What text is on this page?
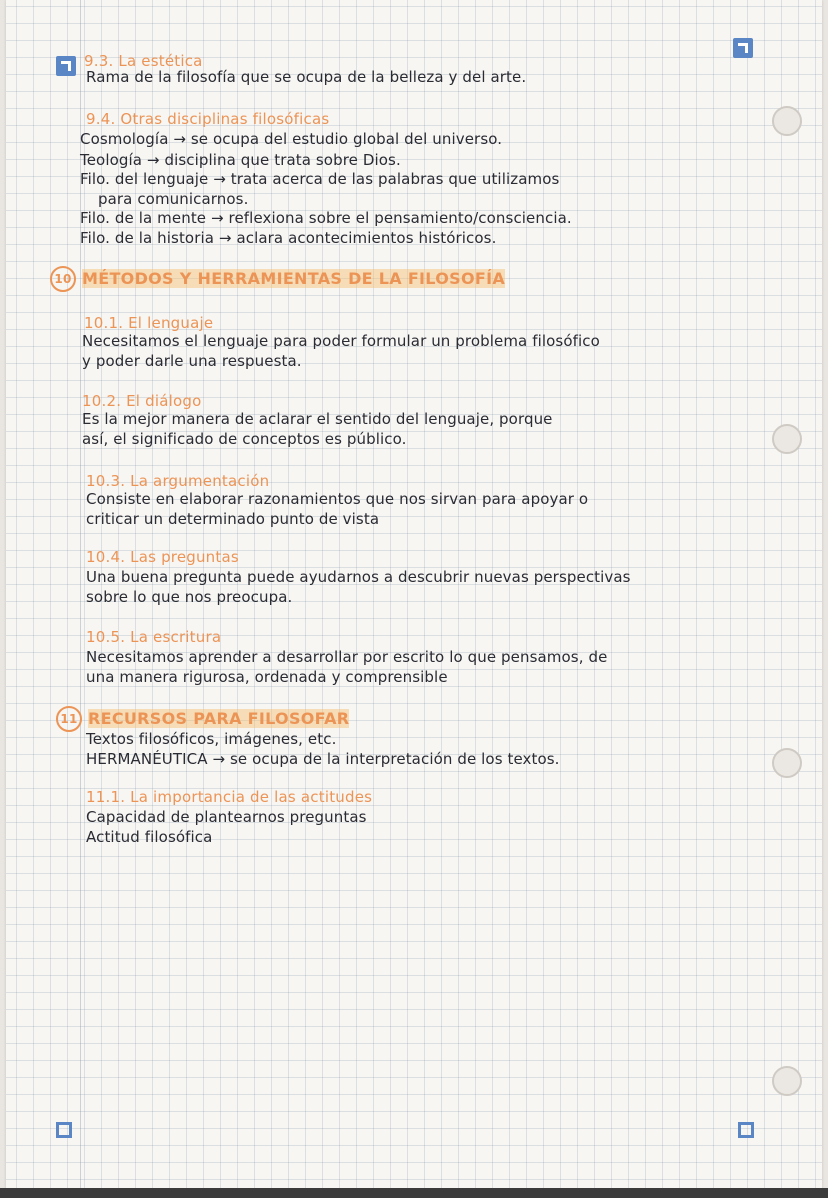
9.3. La estética
Rama de la filosofía que se ocupa de la belleza y del arte.
9.4. Otras disciplinas filosóficas
Cosmología → se ocupa del estudio global del universo.
Teología → disciplina que trata sobre Dios.
Filo. del lenguaje → trata acerca de las palabras que utilizamos
para comunicarnos.
Filo. de la mente → reflexiona sobre el pensamiento/consciencia.
Filo. de la historia → aclara acontecimientos históricos.
10 MÉTODOS Y HERRAMIENTAS DE LA FILOSOFÍA
10.1. El lenguaje
Necesitamos el lenguaje para poder formular un problema filosófico
y poder darle una respuesta.
10.2. El diálogo
Es la mejor manera de aclarar el sentido del lenguaje, porque
así, el significado de conceptos es público.
10.3. La argumentación
Consiste en elaborar razonamientos que nos sirvan para apoyar o
criticar un determinado punto de vista
10.4. Las preguntas
Una buena pregunta puede ayudarnos a descubrir nuevas perspectivas
sobre lo que nos preocupa.
10.5. La escritura
Necesitamos aprender a desarrollar por escrito lo que pensamos, de
una manera rigurosa, ordenada y comprensible
11 RECURSOS PARA FILOSOFAR
Textos filosóficos, imágenes, etc.
HERMANÉUTICA → se ocupa de la interpretación de los textos.
11.1. La importancia de las actitudes
Capacidad de plantearnos preguntas
Actitud filosófica
